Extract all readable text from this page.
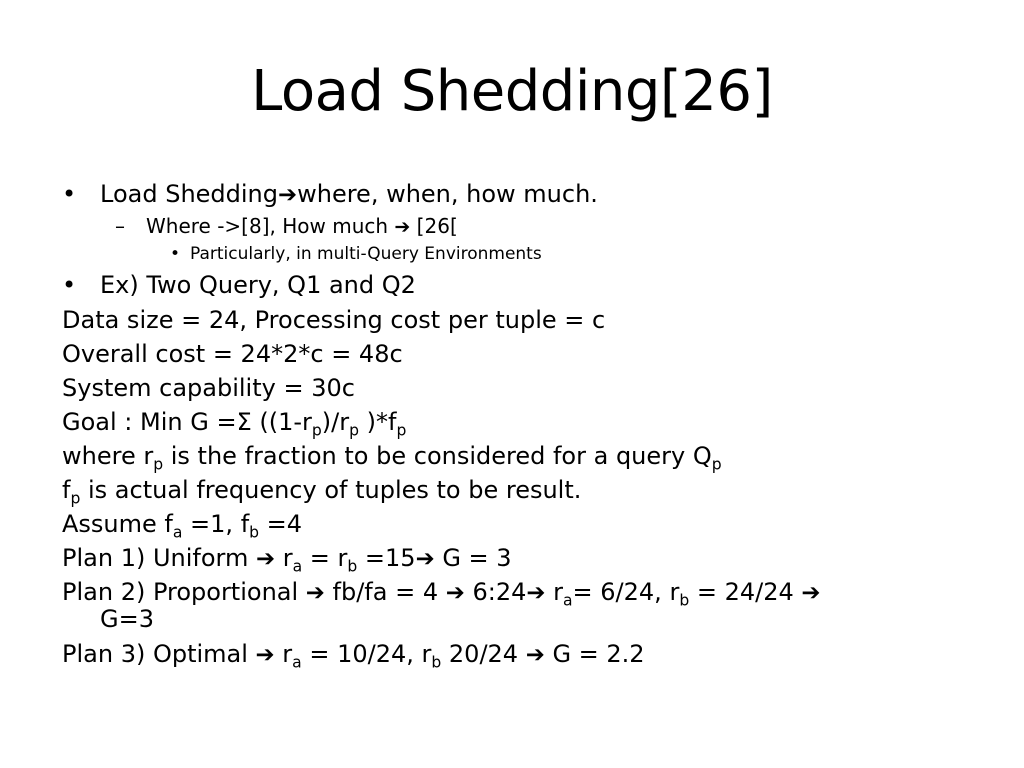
Load Shedding[26]
• Load Shedding➔where, when, how much.
– Where ->[8], How much ➔ [26[
• Particularly, in multi-Query Environments
• Ex) Two Query, Q1 and Q2
Data size = 24, Processing cost per tuple = c
Overall cost = 24*2*c = 48c
System capability = 30c
Goal : Min G =Σ ($(1-r_p)/r_p$ )$*f_p$
where $r_p$ is the fraction to be considered for a query $Q_p$
$f_p$ is actual frequency of tuples to be result.
Assume $f_a =1$, $f_b =4$
Plan 1) Uniform ➔ $r_a = r_b$ =15➔ G = 3
Plan 2) Proportional ➔ fb/fa = 4 ➔ 6:24➔ $r_a= 6/24$, $r_b = 24/24$ ➔
G=3
Plan 3) Optimal ➔ $r_a = 10/24$, $r_b$ 20/24 ➔ G = 2.2
